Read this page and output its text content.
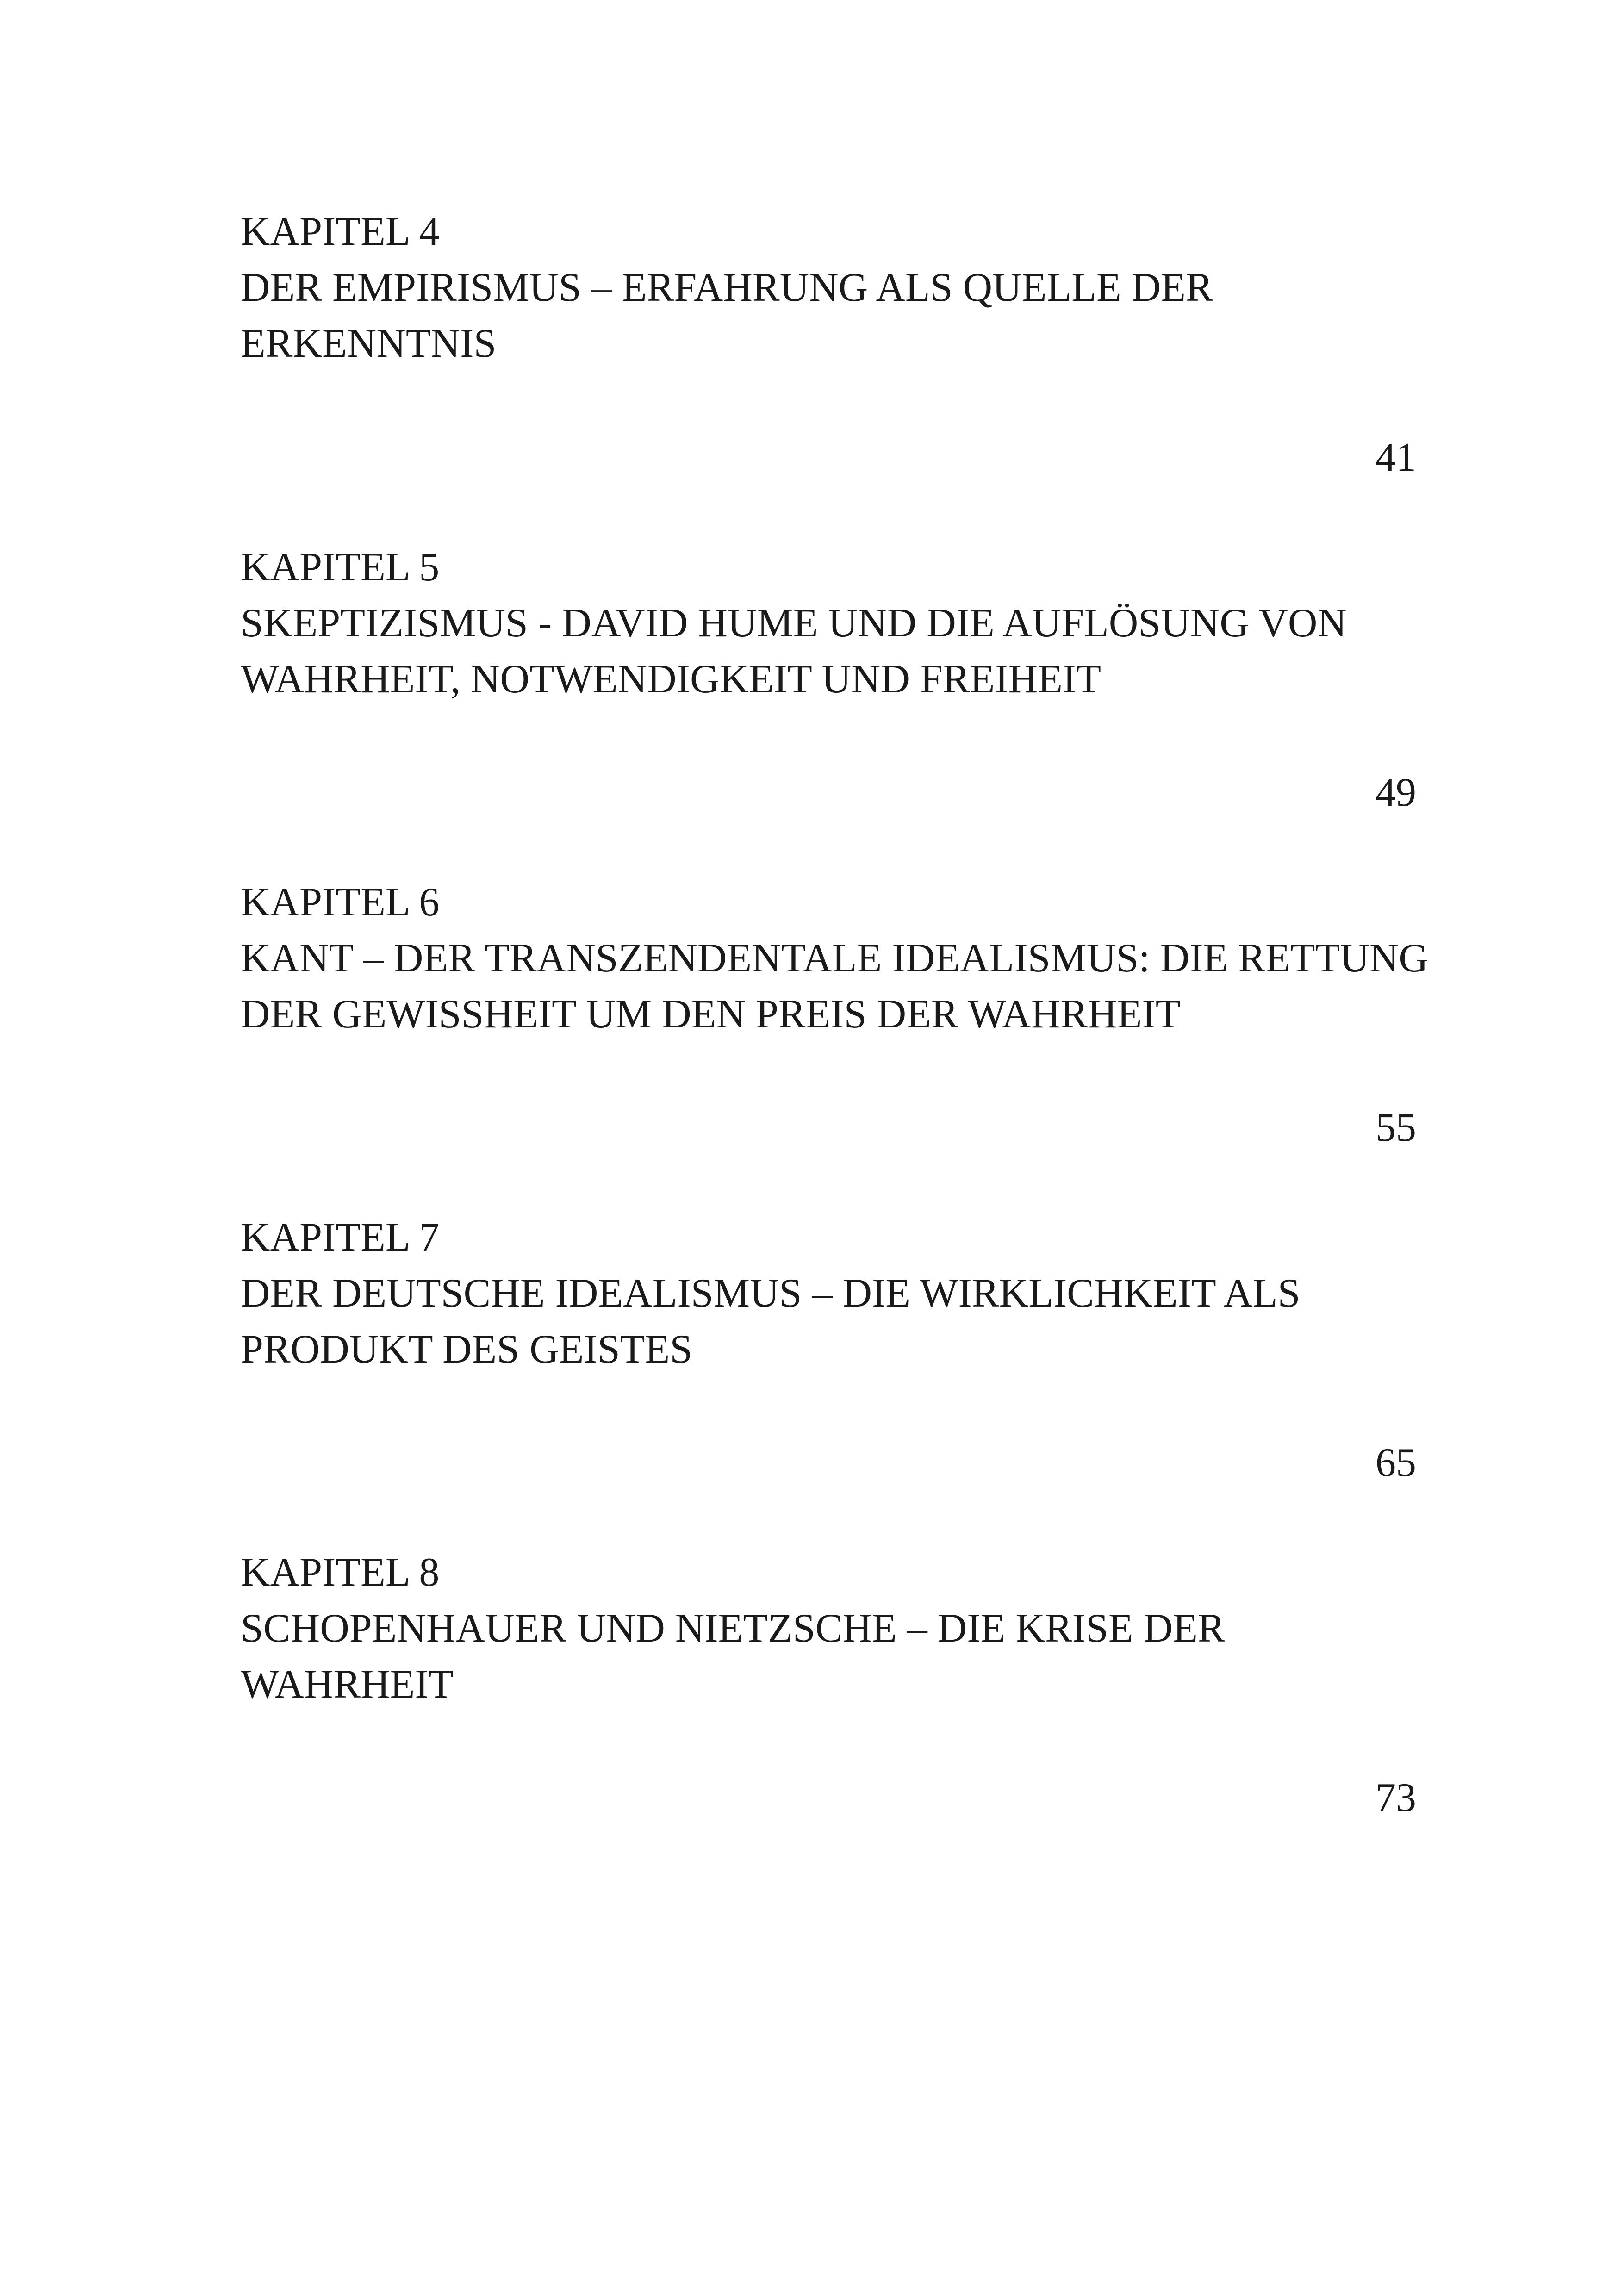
KAPITEL 4
DER EMPIRISMUS – ERFAHRUNG ALS QUELLE DER
ERKENNTNIS
41
KAPITEL 5
SKEPTIZISMUS - DAVID HUME UND DIE AUFLÖSUNG VON
WAHRHEIT, NOTWENDIGKEIT UND FREIHEIT
49
KAPITEL 6
KANT – DER TRANSZENDENTALE IDEALISMUS: DIE RETTUNG
DER GEWISSHEIT UM DEN PREIS DER WAHRHEIT
55
KAPITEL 7
DER DEUTSCHE IDEALISMUS – DIE WIRKLICHKEIT ALS
PRODUKT DES GEISTES
65
KAPITEL 8
SCHOPENHAUER UND NIETZSCHE – DIE KRISE DER
WAHRHEIT
73
